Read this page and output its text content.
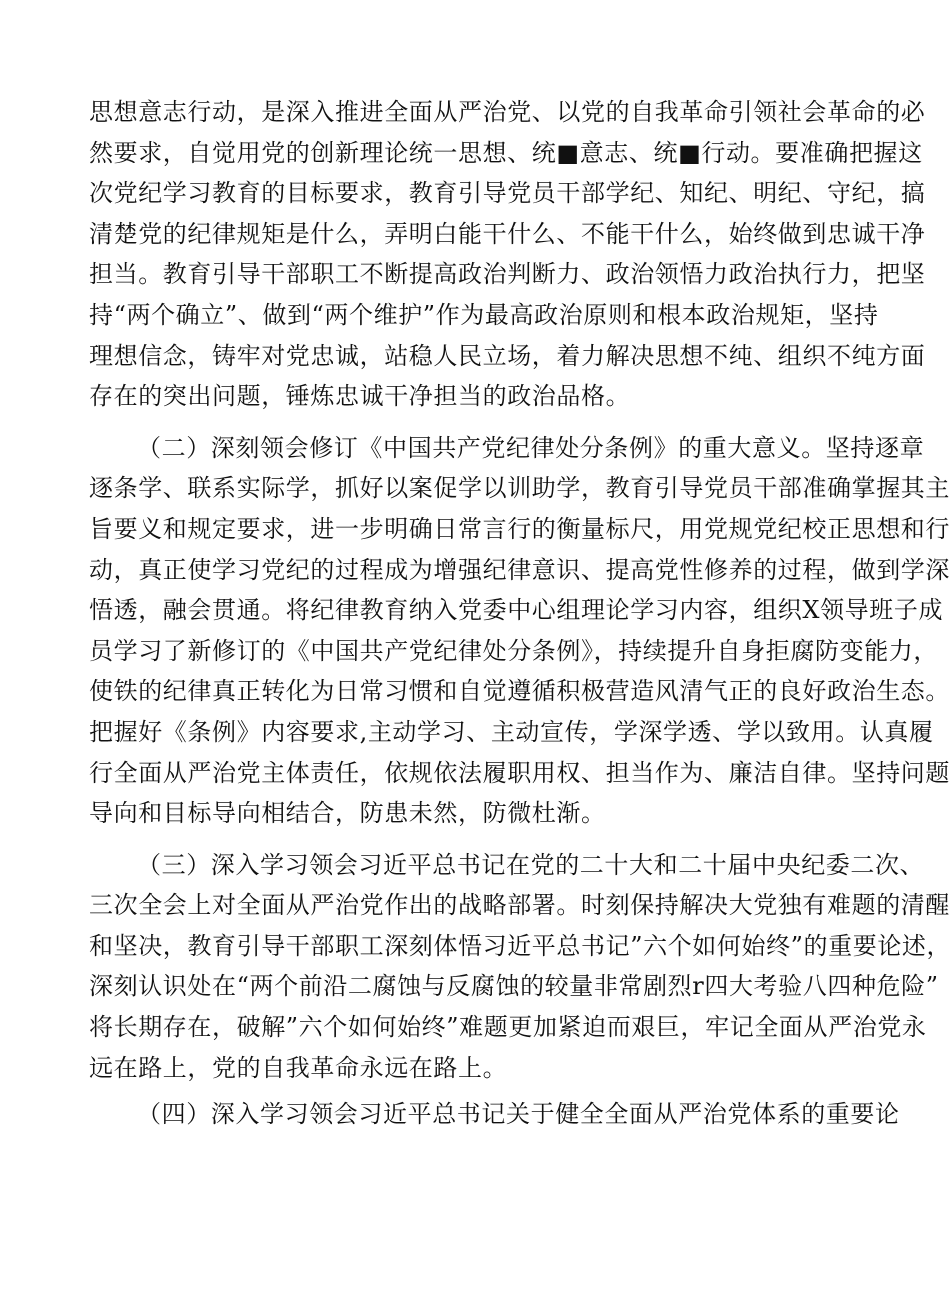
思想意志行动，是深入推进全面从严治党、以党的自我革命引领社会革命的必
然要求，自觉用党的创新理论统一思想、统■意志、统■行动。要准确把握这
次党纪学习教育的目标要求，教育引导党员干部学纪、知纪、明纪、守纪，搞
清楚党的纪律规矩是什么，弄明白能干什么、不能干什么，始终做到忠诚干净
担当。教育引导干部职工不断提高政治判断力、政治领悟力政治执行力，把坚
持“两个确立”、做到“两个维护”作为最高政治原则和根本政治规矩，坚持
理想信念，铸牢对党忠诚，站稳人民立场，着力解决思想不纯、组织不纯方面
存在的突出问题，锤炼忠诚干净担当的政治品格。
（二）深刻领会修订《中国共产党纪律处分条例》的重大意义。坚持逐章
逐条学、联系实际学，抓好以案促学以训助学，教育引导党员干部准确掌握其主
旨要义和规定要求，进一步明确日常言行的衡量标尺，用党规党纪校正思想和行
动，真正使学习党纪的过程成为增强纪律意识、提高党性修养的过程，做到学深
悟透，融会贯通。将纪律教育纳入党委中心组理论学习内容，组织X领导班子成
员学习了新修订的《中国共产党纪律处分条例》，持续提升自身拒腐防变能力，
使铁的纪律真正转化为日常习惯和自觉遵循积极营造风清气正的良好政治生态。
把握好《条例》内容要求,主动学习、主动宣传，学深学透、学以致用。认真履
行全面从严治党主体责任，依规依法履职用权、担当作为、廉洁自律。坚持问题
导向和目标导向相结合，防患未然，防微杜渐。
（三）深入学习领会习近平总书记在党的二十大和二十届中央纪委二次、
三次全会上对全面从严治党作出的战略部署。时刻保持解决大党独有难题的清醒
和坚决，教育引导干部职工深刻体悟习近平总书记”六个如何始终”的重要论述，
深刻认识处在“两个前沿二腐蚀与反腐蚀的较量非常剧烈r四大考验八四种危险”
将长期存在，破解”六个如何始终”难题更加紧迫而艰巨，牢记全面从严治党永
远在路上，党的自我革命永远在路上。
（四）深入学习领会习近平总书记关于健全全面从严治党体系的重要论
